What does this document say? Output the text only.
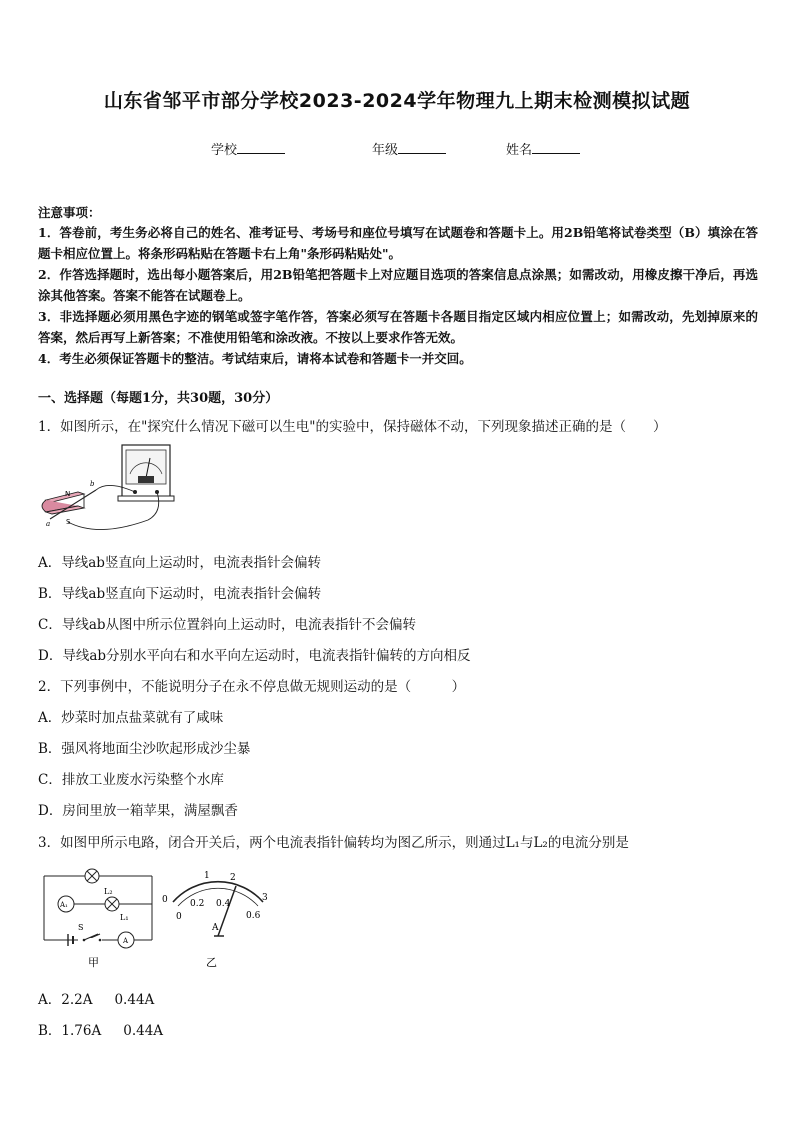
山东省邹平市部分学校2023-2024学年物理九上期末检测模拟试题
学校	年级	姓名
注意事项：
1．答卷前，考生务必将自己的姓名、准考证号、考场号和座位号填写在试题卷和答题卡上。用2B铅笔将试卷类型（B）填涂在答题卡相应位置上。将条形码粘贴在答题卡右上角"条形码粘贴处"。
2．作答选择题时，选出每小题答案后，用2B铅笔把答题卡上对应题目选项的答案信息点涂黑；如需改动，用橡皮擦干净后，再选涂其他答案。答案不能答在试题卷上。
3．非选择题必须用黑色字迹的钢笔或签字笔作答，答案必须写在答题卡各题目指定区域内相应位置上；如需改动，先划掉原来的答案，然后再写上新答案；不准使用铅笔和涂改液。不按以上要求作答无效。
4．考生必须保证答题卡的整洁。考试结束后，请将本试卷和答题卡一并交回。
一、选择题（每题1分，共30题，30分）
1．如图所示，在"探究什么情况下磁可以生电"的实验中，保持磁体不动，下列现象描述正确的是（　　）
N
S
a
b
A．导线ab竖直向上运动时，电流表指针会偏转
B．导线ab竖直向下运动时，电流表指针会偏转
C．导线ab从图中所示位置斜向上运动时，电流表指针不会偏转
D．导线ab分别水平向右和水平向左运动时，电流表指针偏转的方向相反
2．下列事例中，不能说明分子在永不停息做无规则运动的是（　　　）
A．炒菜时加点盐菜就有了咸味
B．强风将地面尘沙吹起形成沙尘暴
C．排放工业废水污染整个水库
D．房间里放一箱苹果，满屋飘香
3．如图甲所示电路，闭合开关后，两个电流表指针偏转均为图乙所示，则通过L₁与L₂的电流分别是
L₂
L₁
A₁
A
S
甲
0
1 2
3
0
0.2 0.4
0.6
A
乙
A．2.2A 0.44A
B．1.76A 0.44A
